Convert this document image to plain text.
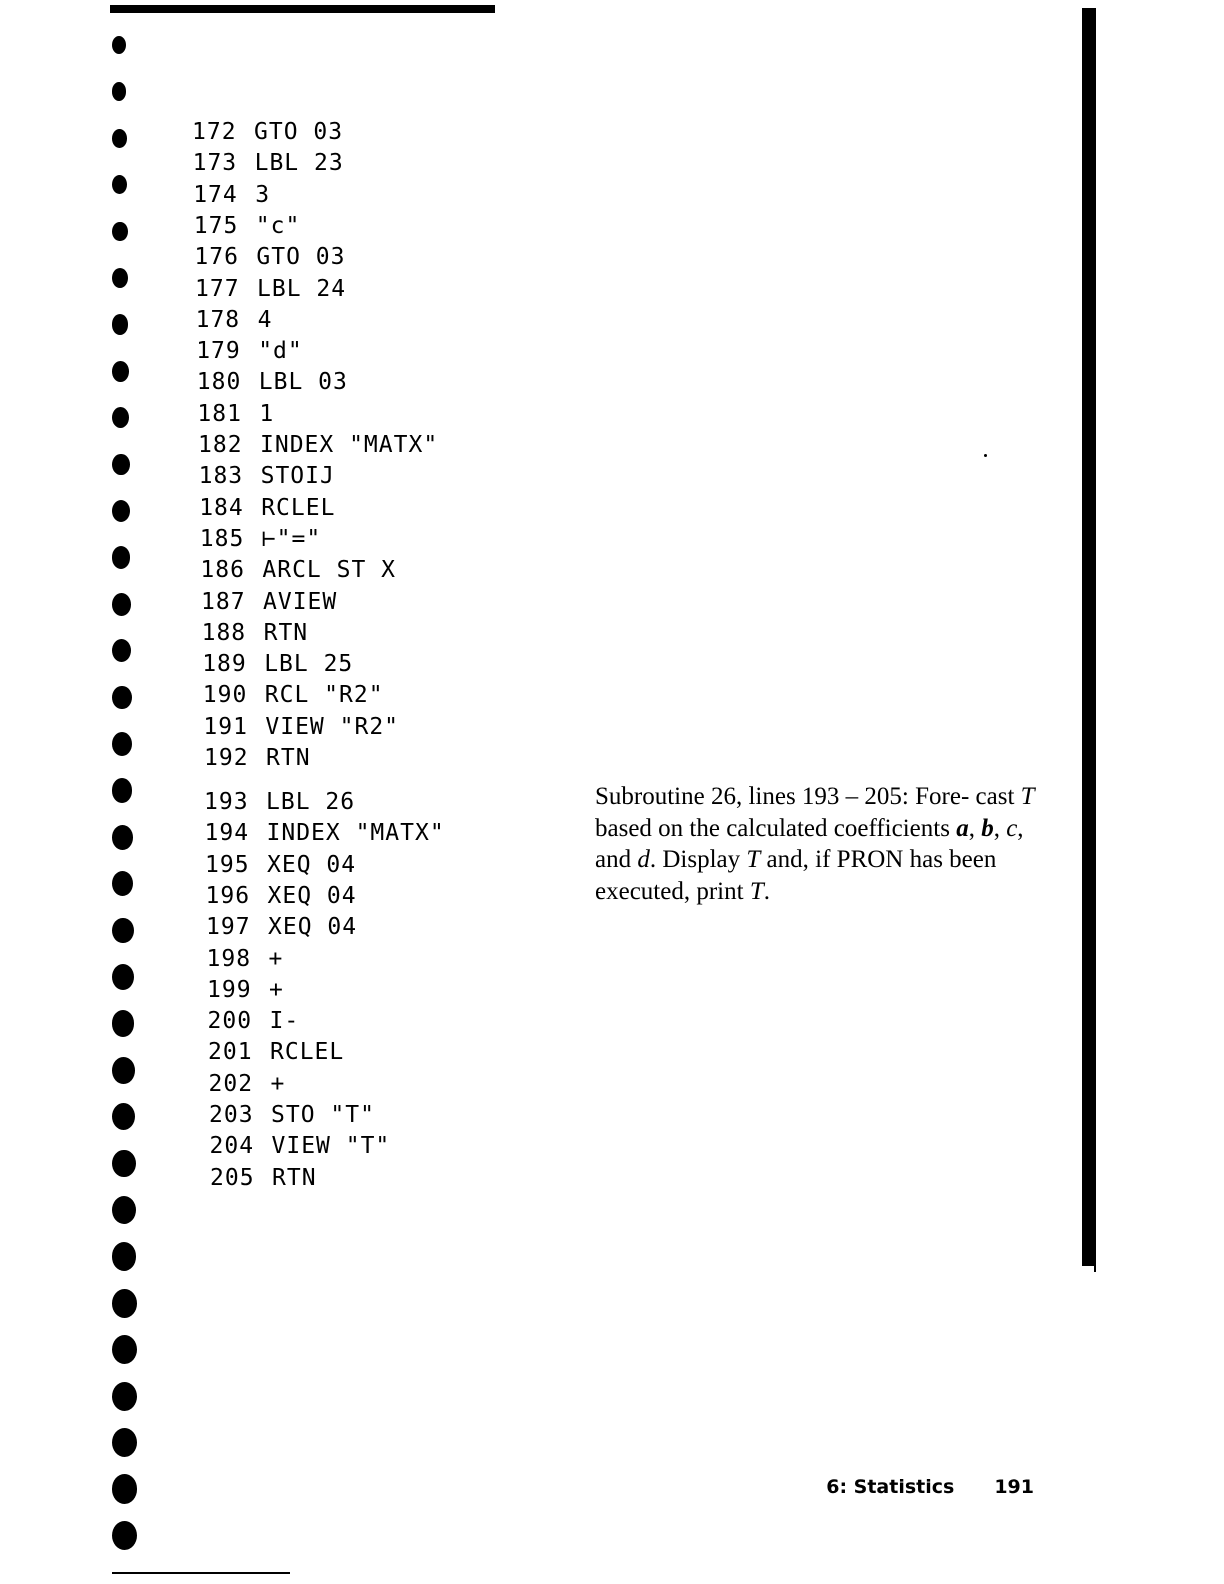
172 GTO 03
173 LBL 23
174 3
175 "c"
176 GTO 03
177 LBL 24
178 4
179 "d"
180 LBL 03
181 1
182 INDEX "MATX"
183 STOIJ
184 RCLEL
185 ⊢"="
186 ARCL ST X
187 AVIEW
188 RTN
189 LBL 25
190 RCL "R2"
191 VIEW "R2"
192 RTN
193 LBL 26
194 INDEX "MATX"
195 XEQ 04
196 XEQ 04
197 XEQ 04
198 +
199 +
200 I-
201 RCLEL
202 +
203 STO "T"
204 VIEW "T"
205 RTN
Subroutine 26, lines 193 – 205: Fore- cast T based on the calculated coefficients a, b, c, and d. Display T and, if PRON has been executed, print T.
6: Statistics 191
